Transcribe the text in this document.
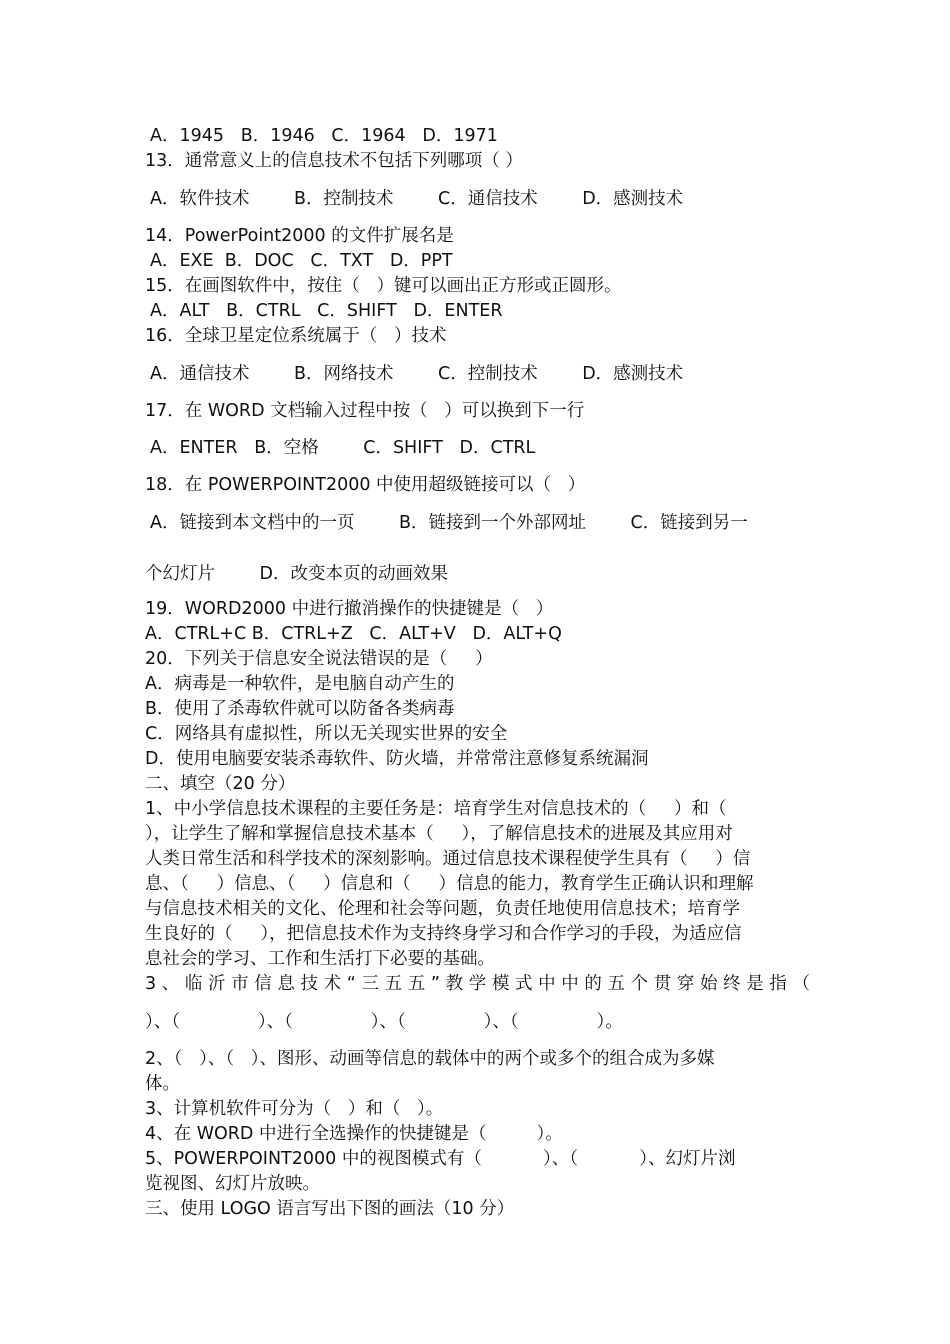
A．1945   B．1946   C．1964   D．1971
13．通常意义上的信息技术不包括下列哪项（ ）
A．软件技术        B．控制技术        C．通信技术        D．感测技术
14．PowerPoint2000 的文件扩展名是
A．EXE  B．DOC   C．TXT   D．PPT
15．在画图软件中，按住（   ）键可以画出正方形或正圆形。
A．ALT   B．CTRL   C．SHIFT   D．ENTER
16．全球卫星定位系统属于（   ）技术
A．通信技术        B．网络技术        C．控制技术        D．感测技术
17．在 WORD 文档输入过程中按（   ）可以换到下一行
A．ENTER   B．空格        C．SHIFT   D．CTRL
18．在 POWERPOINT2000 中使用超级链接可以（   ）
A．链接到本文档中的一页        B．链接到一个外部网址        C．链接到另一
个幻灯片        D．改变本页的动画效果
19．WORD2000 中进行撤消操作的快捷键是（   ）
A．CTRL+C B．CTRL+Z   C．ALT+V   D．ALT+Q
20．下列关于信息安全说法错误的是（     ）
A．病毒是一种软件，是电脑自动产生的
B．使用了杀毒软件就可以防备各类病毒
C．网络具有虚拟性，所以无关现实世界的安全
D．使用电脑要安装杀毒软件、防火墙，并常常注意修复系统漏洞
二、填空（20 分）
1、中小学信息技术课程的主要任务是：培育学生对信息技术的（     ）和（
），让学生了解和掌握信息技术基本（     ），了解信息技术的进展及其应用对
人类日常生活和科学技术的深刻影响。通过信息技术课程使学生具有（     ）信
息、（     ）信息、（     ）信息和（     ）信息的能力，教育学生正确认识和理解
与信息技术相关的文化、伦理和社会等问题，负责任地使用信息技术；培育学
生良好的（     ），把信息技术作为支持终身学习和合作学习的手段，为适应信
息社会的学习、工作和生活打下必要的基础。
3、临沂市信息技术“三五五”教学模式中中的五个贯穿始终是指（
）、（              ）、（              ）、（              ）、（              ）。
2、（   ）、（   ）、图形、动画等信息的载体中的两个或多个的组合成为多媒
体。
3、计算机软件可分为（   ）和（   ）。
4、在 WORD 中进行全选操作的快捷键是（         ）。
5、POWERPOINT2000 中的视图模式有（           ）、（           ）、幻灯片浏
览视图、幻灯片放映。
三、使用 LOGO 语言写出下图的画法（10 分）
